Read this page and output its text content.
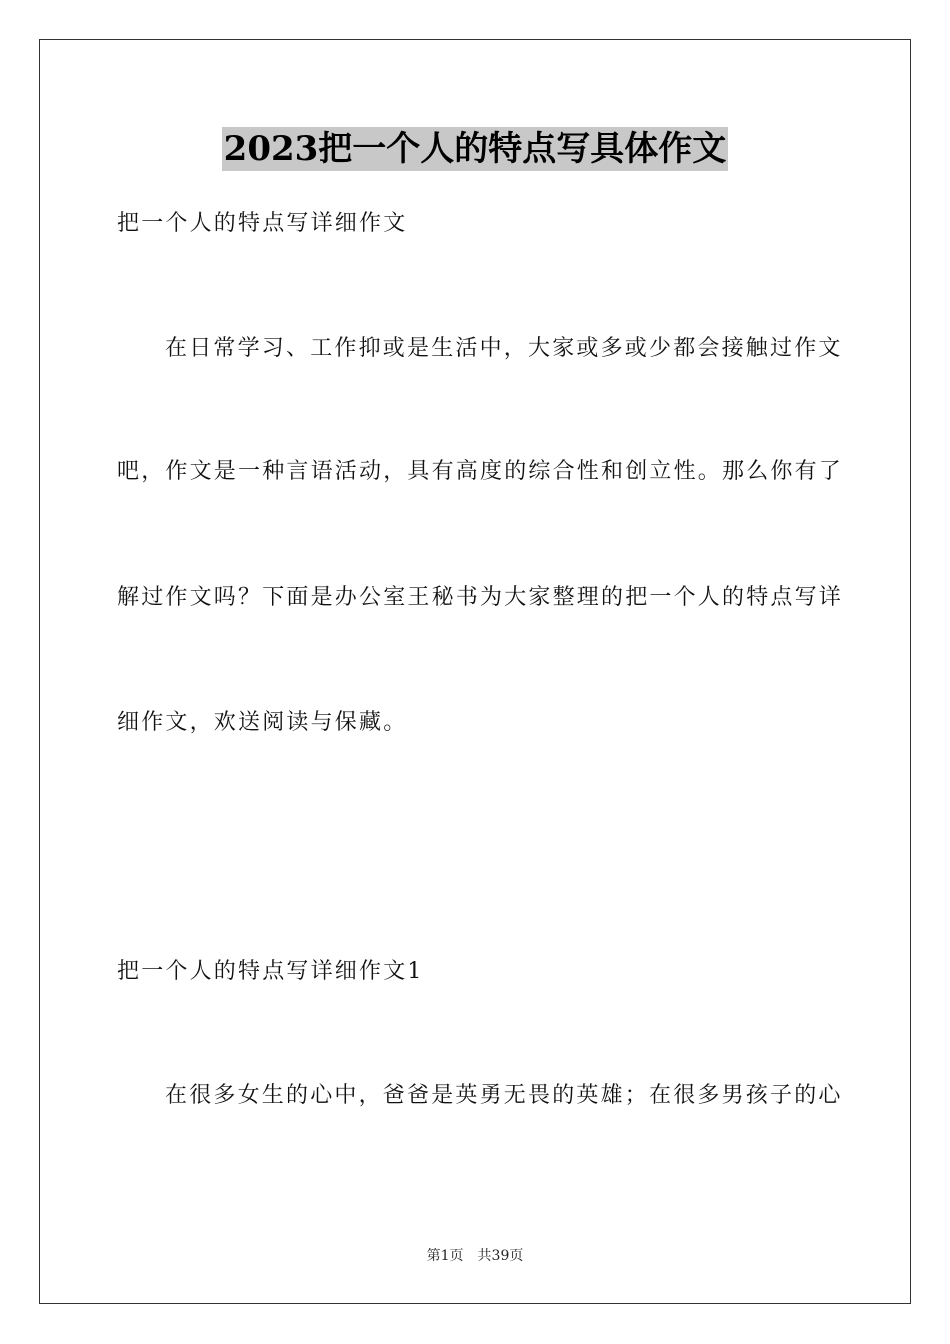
2023把一个人的特点写具体作文
把一个人的特点写详细作文
在日常学习、工作抑或是生活中，大家或多或少都会接触过作文
吧，作文是一种言语活动，具有高度的综合性和创立性。那么你有了
解过作文吗？下面是办公室王秘书为大家整理的把一个人的特点写详
细作文，欢送阅读与保藏。
把一个人的特点写详细作文1
在很多女生的心中，爸爸是英勇无畏的英雄；在很多男孩子的心
第1页 共39页
